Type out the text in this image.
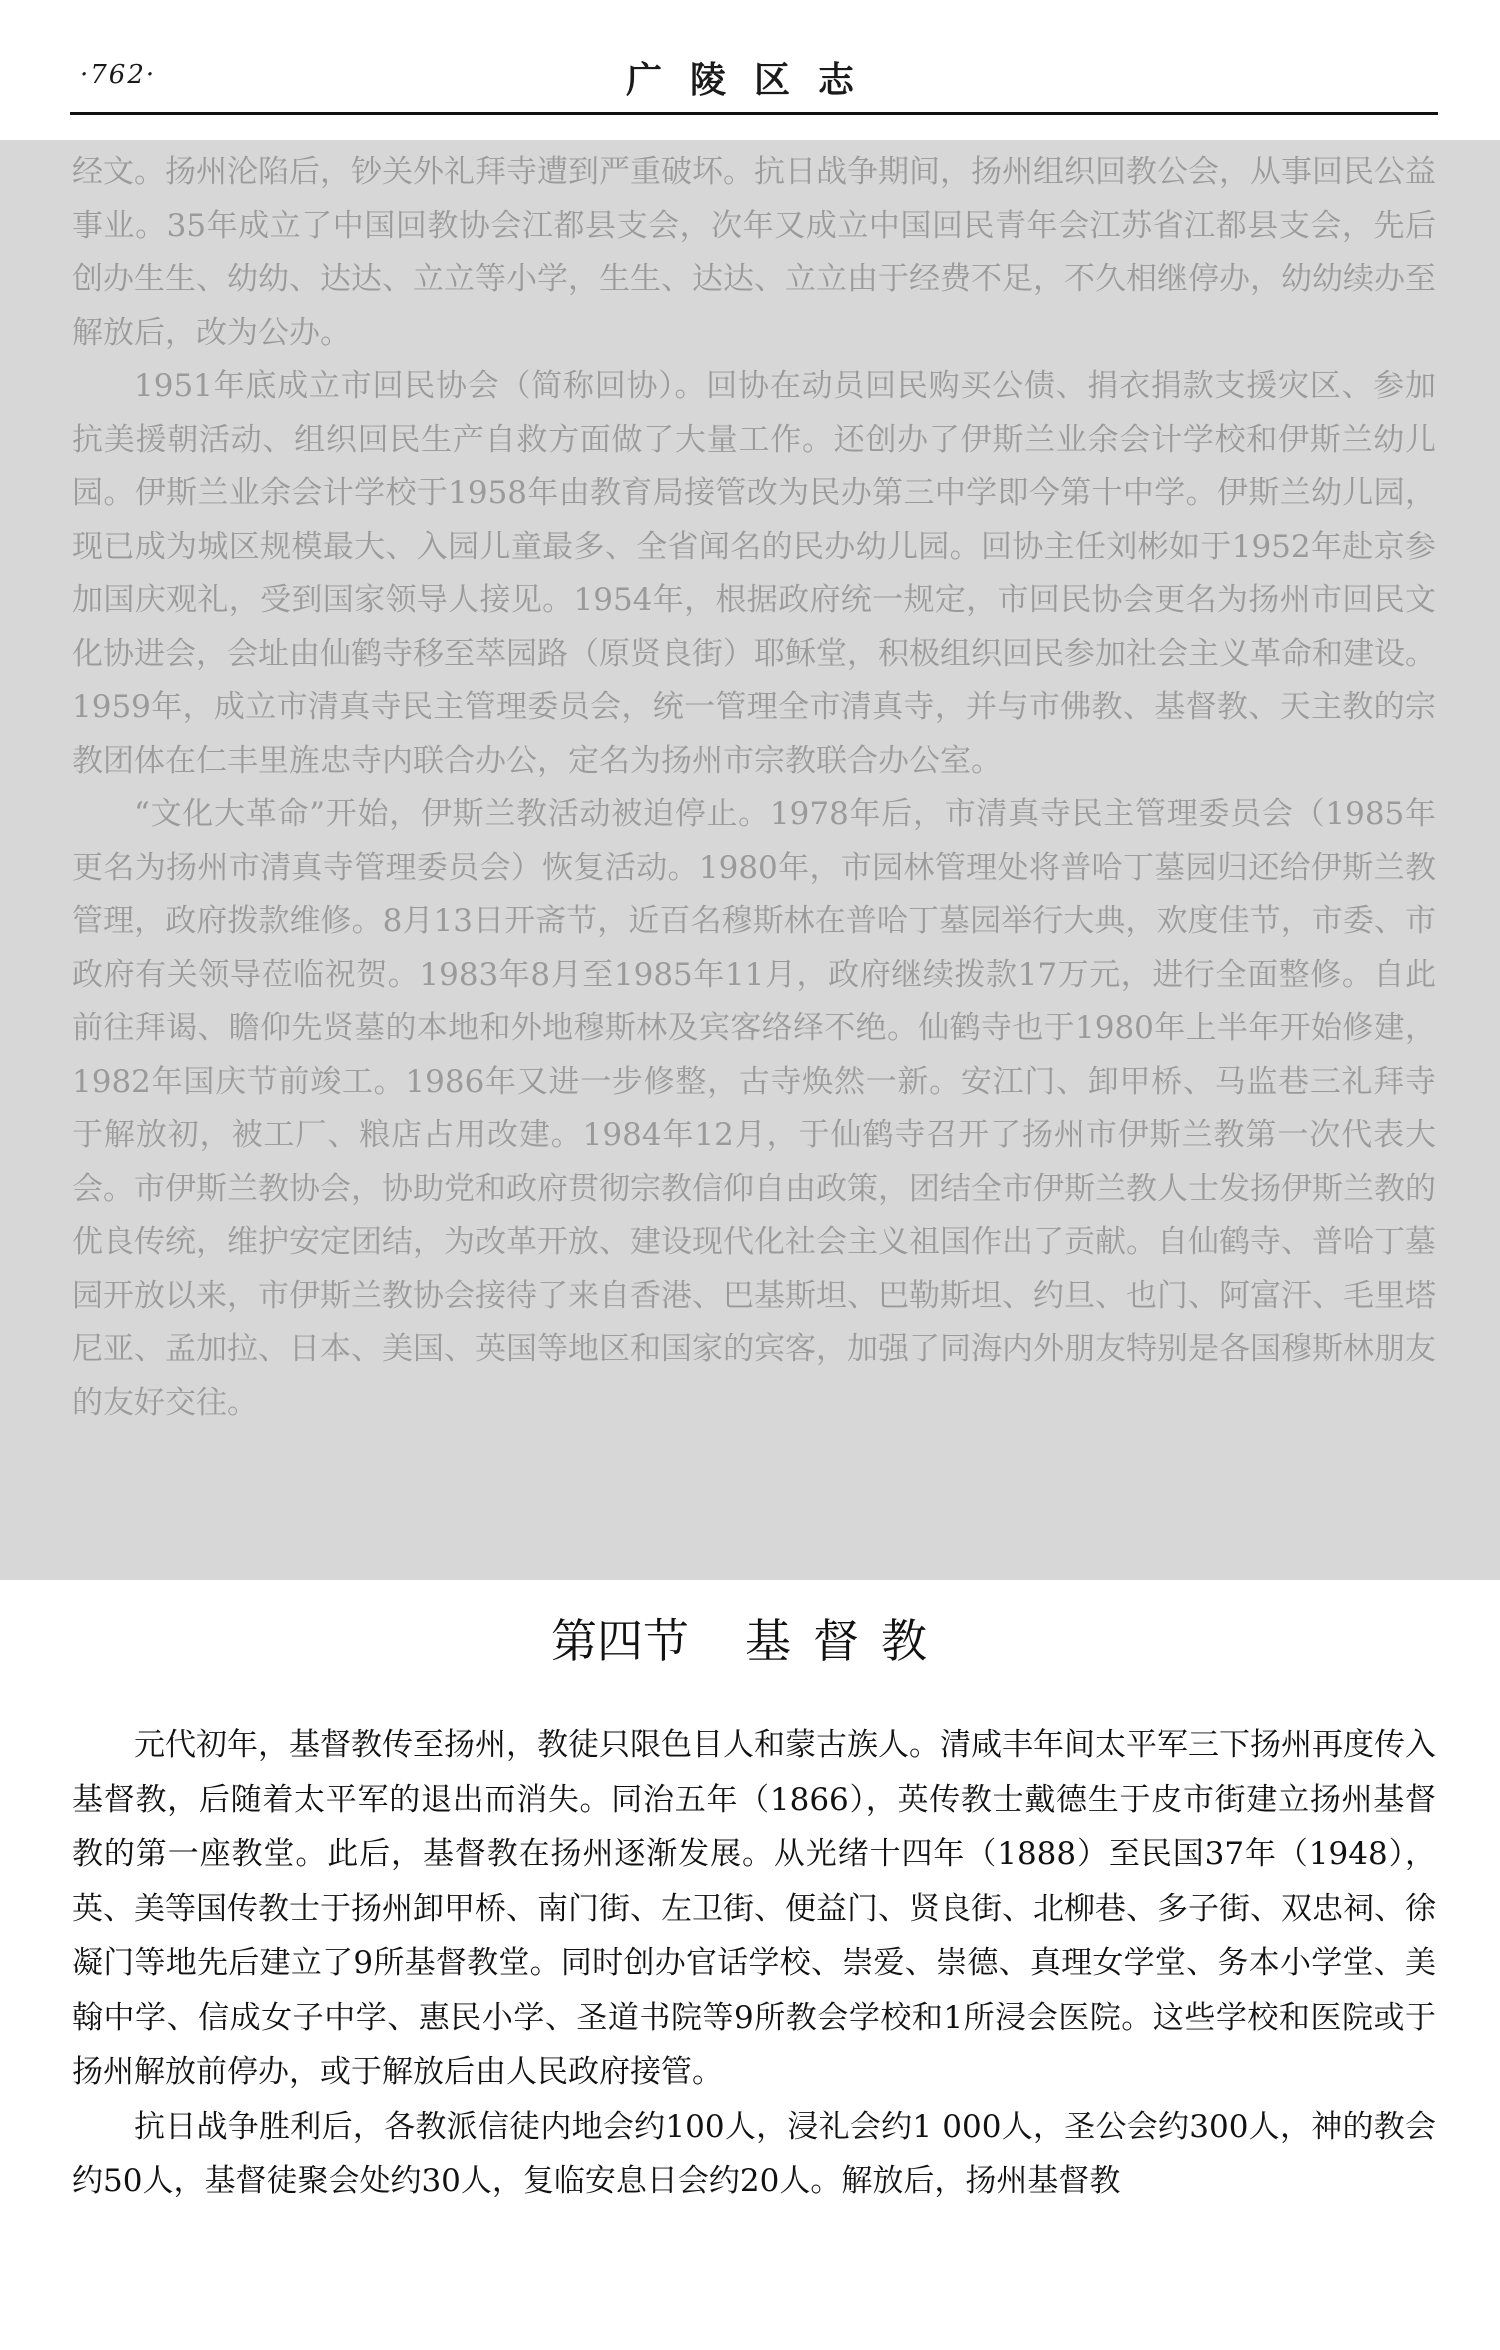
·762·	广陵区志

经文。扬州沦陷后，钞关外礼拜寺遭到严重破坏。抗日战争期间，扬州组织回教公会，从事回民公益事业。35年成立了中国回教协会江都县支会，次年又成立中国回民青年会江苏省江都县支会，先后创办生生、幼幼、达达、立立等小学，生生、达达、立立由于经费不足，不久相继停办，幼幼续办至解放后，改为公办。

1951年底成立市回民协会（简称回协）。回协在动员回民购买公债、捐衣捐款支援灾区、参加抗美援朝活动、组织回民生产自救方面做了大量工作。还创办了伊斯兰业余会计学校和伊斯兰幼儿园。伊斯兰业余会计学校于1958年由教育局接管改为民办第三中学即今第十中学。伊斯兰幼儿园，现已成为城区规模最大、入园儿童最多、全省闻名的民办幼儿园。回协主任刘彬如于1952年赴京参加国庆观礼，受到国家领导人接见。1954年，根据政府统一规定，市回民协会更名为扬州市回民文化协进会，会址由仙鹤寺移至萃园路（原贤良街）耶稣堂，积极组织回民参加社会主义革命和建设。1959年，成立市清真寺民主管理委员会，统一管理全市清真寺，并与市佛教、基督教、天主教的宗教团体在仁丰里旌忠寺内联合办公，定名为扬州市宗教联合办公室。

“文化大革命”开始，伊斯兰教活动被迫停止。1978年后，市清真寺民主管理委员会（1985年更名为扬州市清真寺管理委员会）恢复活动。1980年，市园林管理处将普哈丁墓园归还给伊斯兰教管理，政府拨款维修。8月13日开斋节，近百名穆斯林在普哈丁墓园举行大典，欢度佳节，市委、市政府有关领导莅临祝贺。1983年8月至1985年11月，政府继续拨款17万元，进行全面整修。自此前往拜谒、瞻仰先贤墓的本地和外地穆斯林及宾客络绎不绝。仙鹤寺也于1980年上半年开始修建，1982年国庆节前竣工。1986年又进一步修整，古寺焕然一新。安江门、卸甲桥、马监巷三礼拜寺于解放初，被工厂、粮店占用改建。1984年12月，于仙鹤寺召开了扬州市伊斯兰教第一次代表大会。市伊斯兰教协会，协助党和政府贯彻宗教信仰自由政策，团结全市伊斯兰教人士发扬伊斯兰教的优良传统，维护安定团结，为改革开放、建设现代化社会主义祖国作出了贡献。自仙鹤寺、普哈丁墓园开放以来，市伊斯兰教协会接待了来自香港、巴基斯坦、巴勒斯坦、约旦、也门、阿富汗、毛里塔尼亚、孟加拉、日本、美国、英国等地区和国家的宾客，加强了同海内外朋友特别是各国穆斯林朋友的友好交往。

第四节 基督教

元代初年，基督教传至扬州，教徒只限色目人和蒙古族人。清咸丰年间太平军三下扬州再度传入基督教，后随着太平军的退出而消失。同治五年（1866），英传教士戴德生于皮市街建立扬州基督教的第一座教堂。此后，基督教在扬州逐渐发展。从光绪十四年（1888）至民国37年（1948），英、美等国传教士于扬州卸甲桥、南门街、左卫街、便益门、贤良街、北柳巷、多子街、双忠祠、徐凝门等地先后建立了9所基督教堂。同时创办官话学校、崇爱、崇德、真理女学堂、务本小学堂、美翰中学、信成女子中学、惠民小学、圣道书院等9所教会学校和1所浸会医院。这些学校和医院或于扬州解放前停办，或于解放后由人民政府接管。

抗日战争胜利后，各教派信徒内地会约100人，浸礼会约1 000人，圣公会约300人，神的教会约50人，基督徒聚会处约30人，复临安息日会约20人。解放后，扬州基督教
